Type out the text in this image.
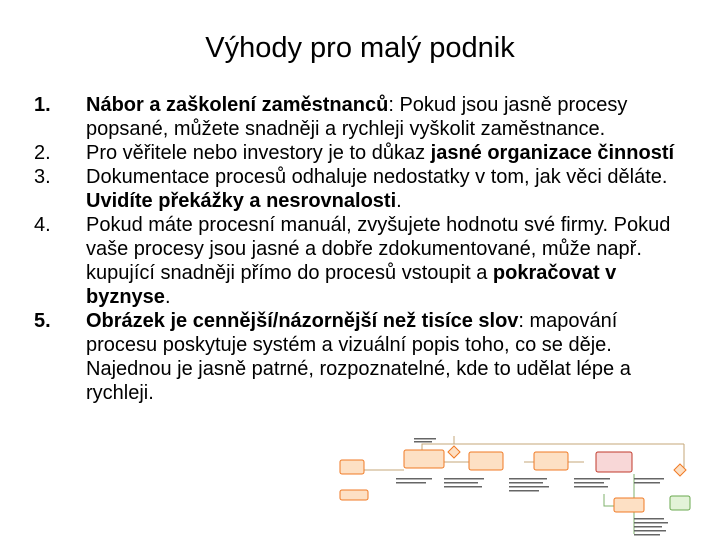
Výhody pro malý podnik
1.	Nábor a zaškolení zaměstnanců: Pokud jsou jasně procesy popsané, můžete snadněji a rychleji vyškolit zaměstnance.
2.	Pro věřitele nebo investory je to důkaz jasné organizace činností
3.	Dokumentace procesů odhaluje nedostatky v tom, jak věci děláte. Uvidíte překážky a nesrovnalosti.
4.	Pokud máte procesní manuál, zvyšujete hodnotu své firmy. Pokud vaše procesy jsou jasné a dobře zdokumentované, může např. kupující snadněji přímo do procesů vstoupit a pokračovat v byznyse.
5.	Obrázek je cennější/názornější než tisíce slov: mapování procesu poskytuje systém a vizuální popis toho, co se děje. Najednou je jasně patrné, rozpoznatelné, kde to udělat lépe a rychleji.
